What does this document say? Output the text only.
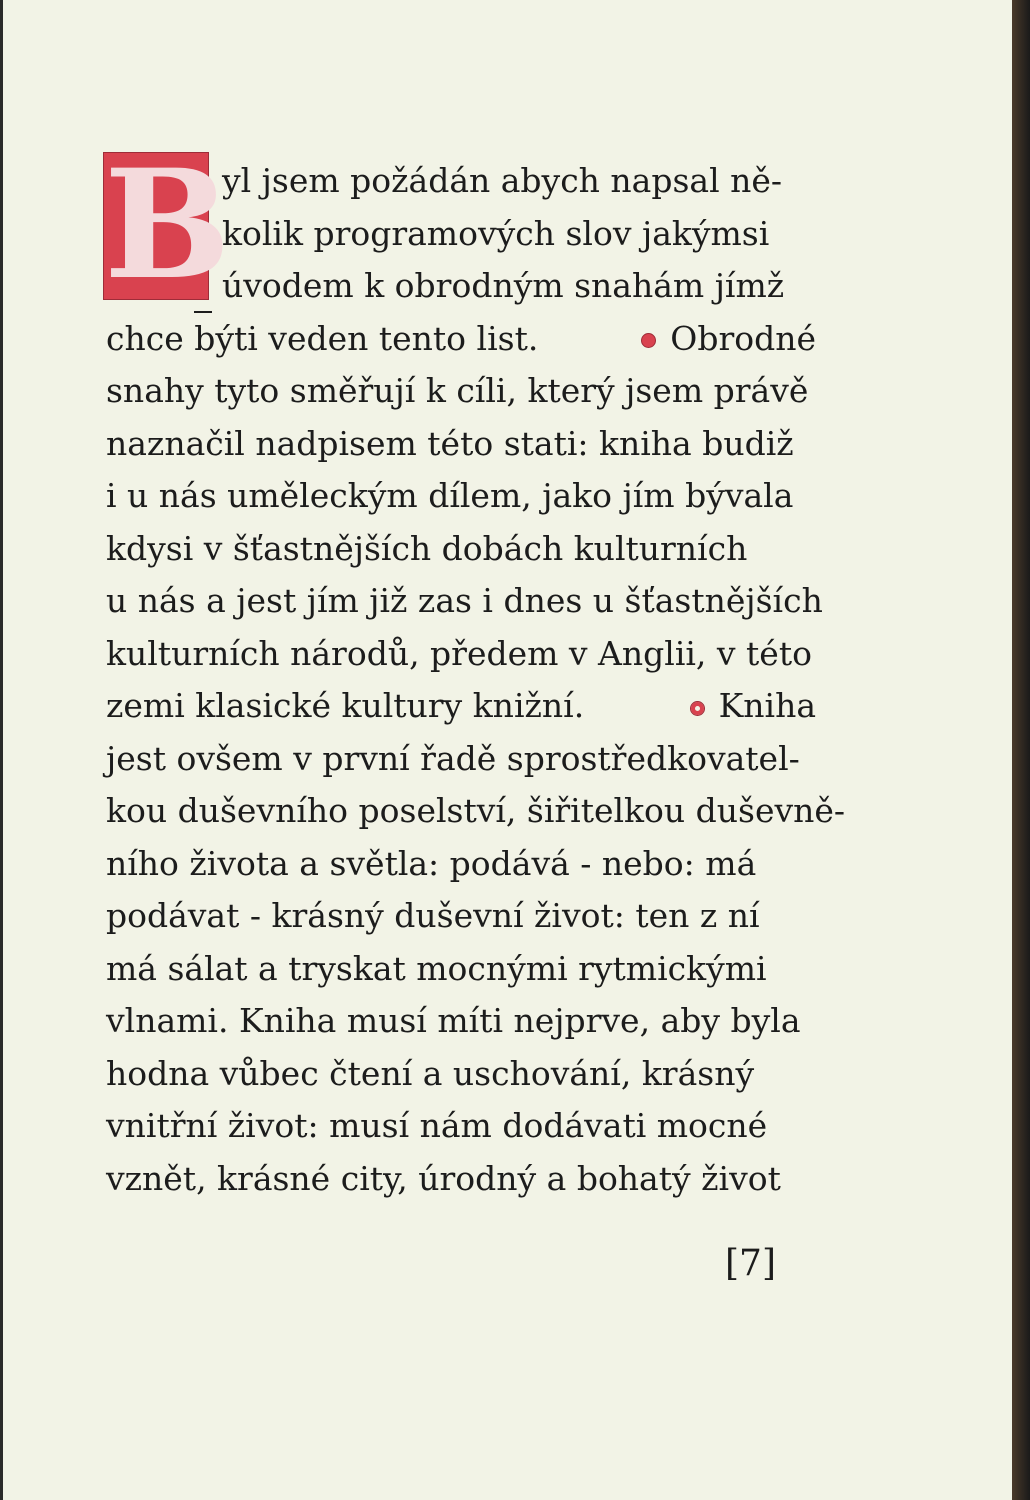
B
yl jsem požádán abych napsal ně-
kolik programových slov jakýmsi
úvodem k obrodným snahám jímž
chce býti veden tento list.	Obrodné
snahy tyto směřují k cíli, který jsem právě
naznačil nadpisem této stati: kniha budiž
i u nás uměleckým dílem, jako jím bývala
kdysi v šťastnějších dobách kulturních
u nás a jest jím již zas i dnes u šťastnějších
kulturních národů, předem v Anglii, v této
zemi klasické kultury knižní.	Kniha
jest ovšem v první řadě sprostředkovatel-
kou duševního poselství, šiřitelkou duševně-
ního života a světla: podává - nebo: má
podávat - krásný duševní život: ten z ní
má sálat a tryskat mocnými rytmickými
vlnami. Kniha musí míti nejprve, aby byla
hodna vůbec čtení a uschování, krásný
vnitřní život: musí nám dodávati mocné
vznět, krásné city, úrodný a bohatý život
[7]
